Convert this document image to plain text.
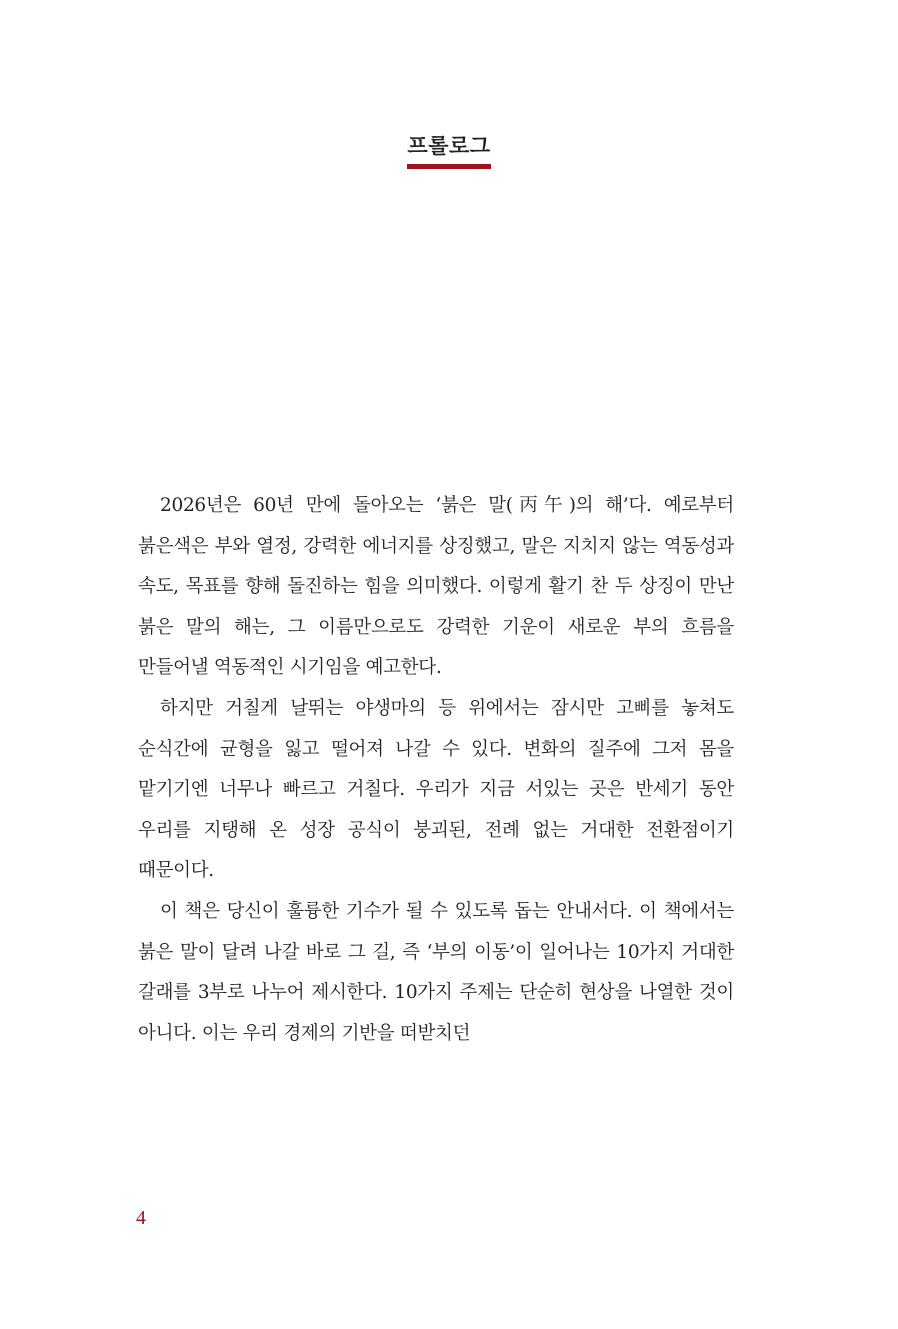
프롤로그

2026년은 60년 만에 돌아오는 ‘붉은 말(丙午)의 해’다. 예로부터 붉은색은 부와 열정, 강력한 에너지를 상징했고, 말은 지치지 않는 역동성과 속도, 목표를 향해 돌진하는 힘을 의미했다. 이렇게 활기 찬 두 상징이 만난 붉은 말의 해는, 그 이름만으로도 강력한 기운이 새로운 부의 흐름을 만들어낼 역동적인 시기임을 예고한다.

하지만 거칠게 날뛰는 야생마의 등 위에서는 잠시만 고삐를 놓쳐도 순식간에 균형을 잃고 떨어져 나갈 수 있다. 변화의 질주에 그저 몸을 맡기기엔 너무나 빠르고 거칠다. 우리가 지금 서있는 곳은 반세기 동안 우리를 지탱해 온 성장 공식이 붕괴된, 전례 없는 거대한 전환점이기 때문이다.

이 책은 당신이 훌륭한 기수가 될 수 있도록 돕는 안내서다. 이 책에서는 붉은 말이 달려 나갈 바로 그 길, 즉 ‘부의 이동’이 일어나는 10가지 거대한 갈래를 3부로 나누어 제시한다. 10가지 주제는 단순히 현상을 나열한 것이 아니다. 이는 우리 경제의 기반을 떠받치던

4
